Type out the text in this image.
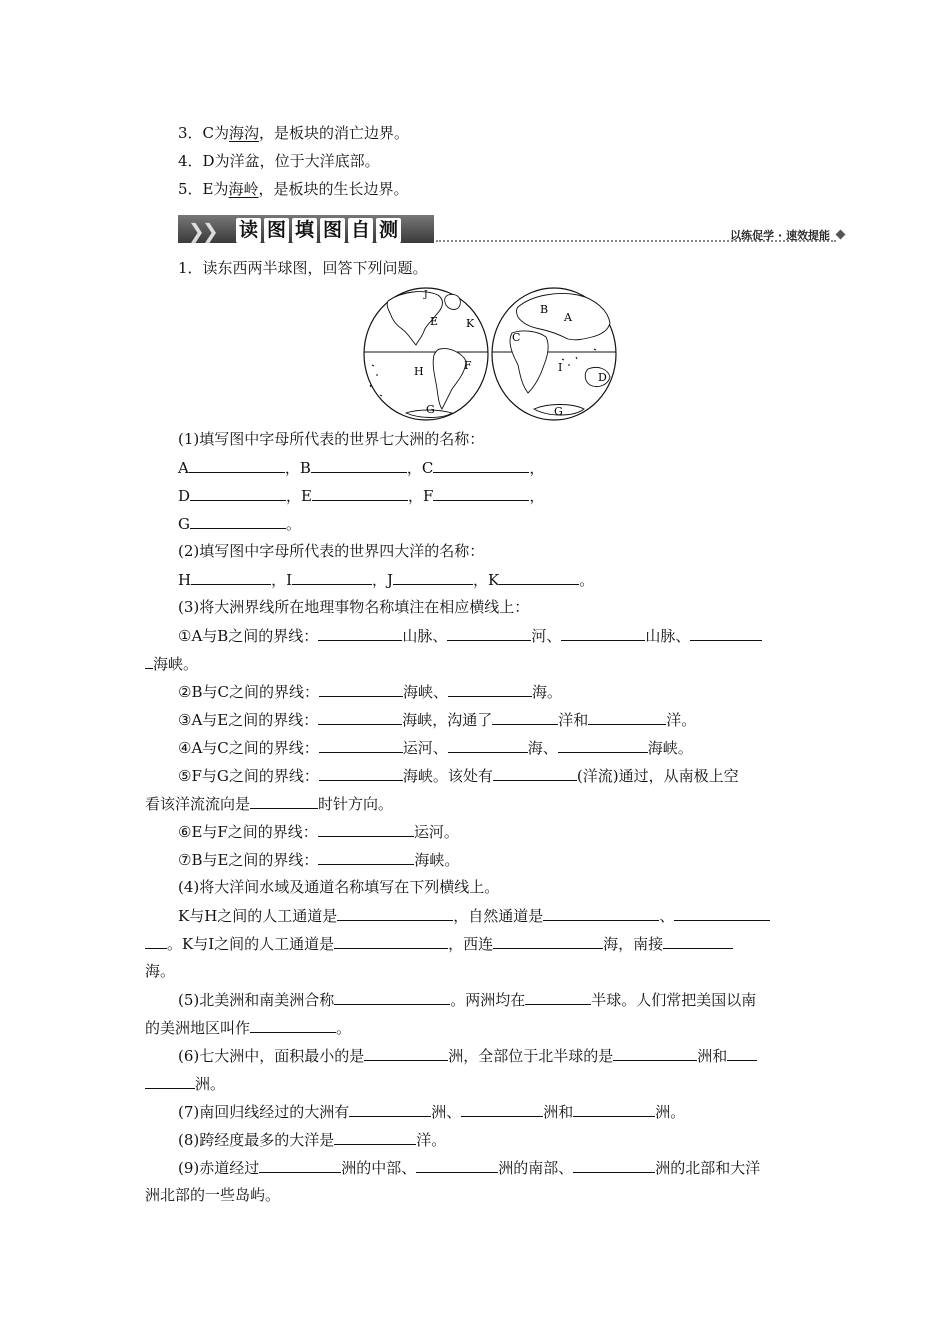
3．C为海沟，是板块的消亡边界。
4．D为洋盆，位于大洋底部。
5．E为海岭，是板块的生长边界。
❯
❯ 读 图 填 图 自 测	以练促学 · 速效提能
1．读东西两半球图，回答下列问题。
E	K
H	F
G
J
B
A
C
I
D
G
(1)填写图中字母所代表的世界七大洲的名称：
A	，B	，C	，
D	，E	，F	，
G	。
(2)填写图中字母所代表的世界四大洋的名称：
H	，I	，J	，K	。
(3)将大洲界线所在地理事物名称填注在相应横线上：
①A与B之间的界线：	山脉、	河、	山脉、
海峡。
②B与C之间的界线：	海峡、	海。
③A与E之间的界线：	海峡，沟通了	洋和	洋。
④A与C之间的界线：	运河、	海、	海峡。
⑤F与G之间的界线：	海峡。该处有	(洋流)通过，从南极上空
看该洋流流向是	时针方向。
⑥E与F之间的界线：	运河。
⑦B与E之间的界线：	海峡。
(4)将大洋间水域及通道名称填写在下列横线上。
K与H之间的人工通道是	，自然通道是	、
。K与I之间的人工通道是	，西连	海，南接
海。
(5)北美洲和南美洲合称	。两洲均在	半球。人们常把美国以南
的美洲地区叫作	。
(6)七大洲中，面积最小的是	洲，全部位于北半球的是	洲和
洲。
(7)南回归线经过的大洲有	洲、	洲和	洲。
(8)跨经度最多的大洋是	洋。
(9)赤道经过	洲的中部、	洲的南部、	洲的北部和大洋
洲北部的一些岛屿。
